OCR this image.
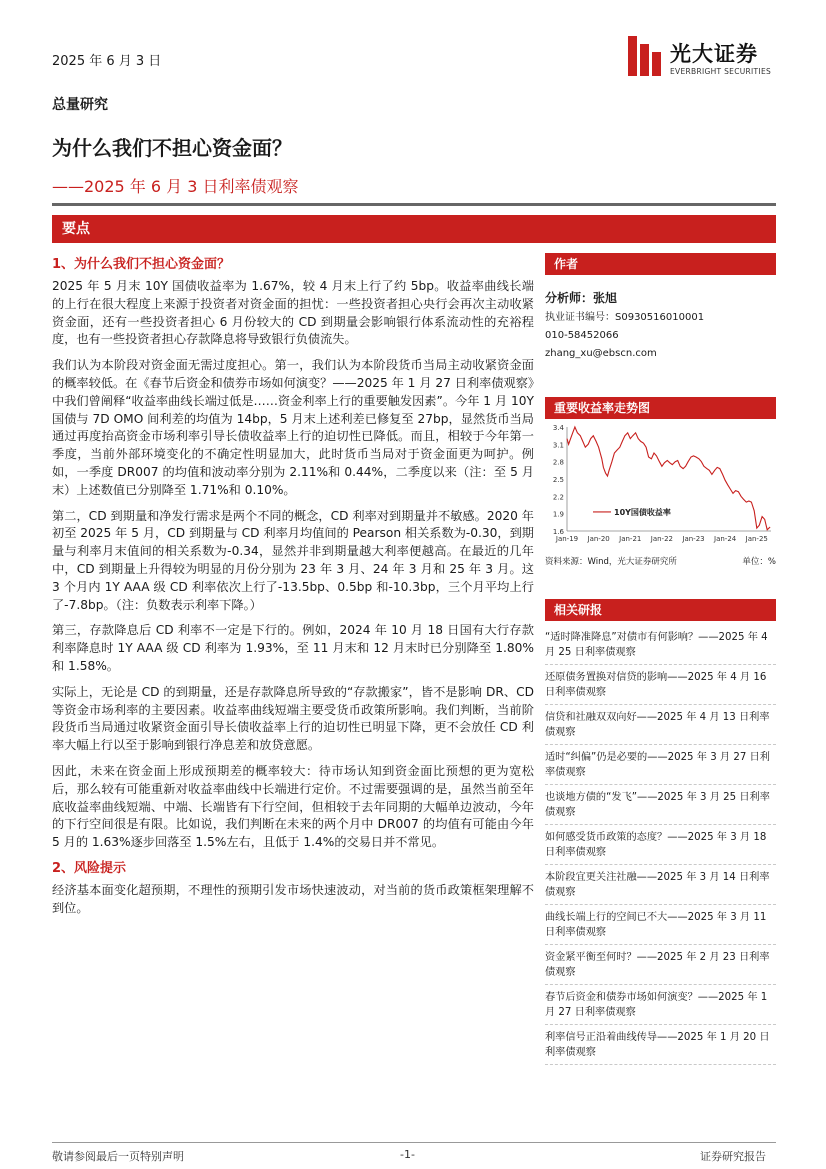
2025 年 6 月 3 日	光大证券
EVERBRIGHT SECURITIES
总量研究
为什么我们不担心资金面？
——2025 年 6 月 3 日利率债观察
要点
1、为什么我们不担心资金面？

2025 年 5 月末 10Y 国债收益率为 1.67%，较 4 月末上行了约 5bp。收益率曲线长端的上行在很大程度上来源于投资者对资金面的担忧：一些投资者担心央行会再次主动收紧资金面，还有一些投资者担心 6 月份较大的 CD 到期量会影响银行体系流动性的充裕程度，也有一些投资者担心存款降息将导致银行负债流失。

我们认为本阶段对资金面无需过度担心。第一，我们认为本阶段货币当局主动收紧资金面的概率较低。在《春节后资金和债券市场如何演变？——2025 年 1 月 27 日利率债观察》中我们曾阐释“收益率曲线长端过低是……资金利率上行的重要触发因素”。今年 1 月 10Y 国债与 7D OMO 间利差的均值为 14bp，5 月末上述利差已修复至 27bp，显然货币当局通过再度抬高资金市场利率引导长债收益率上行的迫切性已降低。而且，相较于今年第一季度，当前外部环境变化的不确定性明显加大，此时货币当局对于资金面更为呵护。例如，一季度 DR007 的均值和波动率分别为 2.11%和 0.44%，二季度以来（注：至 5 月末）上述数值已分别降至 1.71%和 0.10%。

第二，CD 到期量和净发行需求是两个不同的概念，CD 利率对到期量并不敏感。2020 年初至 2025 年 5 月，CD 到期量与 CD 利率月均值间的 Pearson 相关系数为-0.30，到期量与利率月末值间的相关系数为-0.34，显然并非到期量越大利率便越高。在最近的几年中，CD 到期量上升得较为明显的月份分别为 23 年 3 月、24 年 3 月和 25 年 3 月。这 3 个月内 1Y AAA 级 CD 利率依次上行了-13.5bp、0.5bp 和-10.3bp，三个月平均上行了-7.8bp。（注：负数表示利率下降。）

第三，存款降息后 CD 利率不一定是下行的。例如，2024 年 10 月 18 日国有大行存款利率降息时 1Y AAA 级 CD 利率为 1.93%，至 11 月末和 12 月末时已分别降至 1.80%和 1.58%。

实际上，无论是 CD 的到期量，还是存款降息所导致的“存款搬家”，皆不是影响 DR、CD 等资金市场利率的主要因素。收益率曲线短端主要受货币政策所影响。我们判断，当前阶段货币当局通过收紧资金面引导长债收益率上行的迫切性已明显下降，更不会放任 CD 利率大幅上行以至于影响到银行净息差和放贷意愿。

因此，未来在资金面上形成预期差的概率较大：待市场认知到资金面比预想的更为宽松后，那么较有可能重新对收益率曲线中长端进行定价。不过需要强调的是，虽然当前至年底收益率曲线短端、中端、长端皆有下行空间，但相较于去年同期的大幅单边波动，今年的下行空间很是有限。比如说，我们判断在未来的两个月中 DR007 的均值有可能由今年 5 月的 1.63%逐步回落至 1.5%左右，且低于 1.4%的交易日并不常见。

2、风险提示

经济基本面变化超预期，不理性的预期引发市场快速波动，对当前的货币政策框架理解不到位。

作者
分析师：张旭
执业证书编号：S0930516010001
010-58452066
zhang_xu@ebscn.com
重要收益率走势图
1.6
1.9
2.2
2.5
2.8
3.1
3.4
Jan-19 Jan-20 Jan-21 Jan-22 Jan-23 Jan-24 Jan-25
10Y国债收益率
资料来源：Wind，光大证券研究所	单位：%
相关研报
“适时降准降息”对债市有何影响？——2025 年 4 月 25 日利率债观察
还原债务置换对信贷的影响——2025 年 4 月 16 日利率债观察
信贷和社融双双向好——2025 年 4 月 13 日利率债观察
适时“纠偏”仍是必要的——2025 年 3 月 27 日利率债观察
也谈地方债的“发飞”——2025 年 3 月 25 日利率债观察
如何感受货币政策的态度？——2025 年 3 月 18 日利率债观察
本阶段宜更关注社融——2025 年 3 月 14 日利率债观察
曲线长端上行的空间已不大——2025 年 3 月 11 日利率债观察
资金紧平衡至何时？——2025 年 2 月 23 日利率债观察
春节后资金和债券市场如何演变？——2025 年 1 月 27 日利率债观察
利率信号正沿着曲线传导——2025 年 1 月 20 日利率债观察
敬请参阅最后一页特别声明	-1-	证券研究报告
